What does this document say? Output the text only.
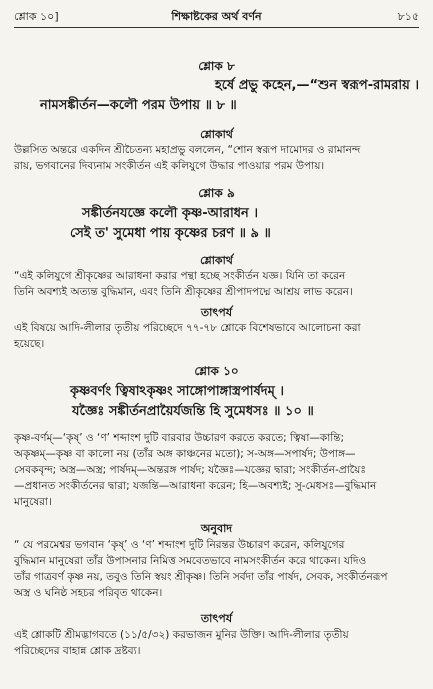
শ্লোক ১০]	শিক্ষাষ্টকের অর্থ বর্ণন	৮১৫
শ্লোক ৮
হর্ষে প্রভু কহেন,—“শুন স্বরূপ-রামরায় ।
নামসঙ্কীর্তন—কলৌ পরম উপায় ॥ ৮ ॥
শ্লোকার্থ
উল্লসিত অন্তরে একদিন শ্রীচৈতন্য মহাপ্রভু বললেন, “শোন স্বরূপ দামোদর ও রামানন্দ
রায়, ভগবানের দিব্যনাম সংকীর্তন এই কলিযুগে উদ্ধার পাওয়ার পরম উপায়।
শ্লোক ৯
সঙ্কীর্তনযজ্ঞে কলৌ কৃষ্ণ-আরাধন ।
সেই ত' সুমেধা পায় কৃষ্ণের চরণ ॥ ৯ ॥
শ্লোকার্থ
“এই কলিযুগে শ্রীকৃষ্ণের আরাধনা করার পন্থা হচ্ছে সংকীর্তন যজ্ঞ। যিনি তা করেন
তিনি অবশ্যই অত্যন্ত বুদ্ধিমান, এবং তিনি শ্রীকৃষ্ণের শ্রীপাদপদ্মে আশ্রয় লাভ করেন।
তাৎপর্য
এই বিষয়ে আদি-লীলার তৃতীয় পরিচ্ছেদে ৭৭-৭৮ শ্লোকে বিশেষভাবে আলোচনা করা
হয়েছে।
শ্লোক ১০
কৃষ্ণবর্ণং ত্বিষাঽকৃষ্ণং সাঙ্গোপাঙ্গাস্ত্রপার্ষদম্ ।
যজ্ঞৈঃ সঙ্কীর্তনপ্রায়ৈর্যজন্তি হি সুমেধসঃ ॥ ১০ ॥
কৃষ্ণ-বর্ণম্—‘কৃষ্’ ও ‘ণ’ শব্দাংশ দুটি বারবার উচ্চারণ করতে করতে; ত্বিষা—কান্তি;
অকৃষ্ণম্—কৃষ্ণ বা কালো নয় (তাঁর অঙ্গ কাঞ্চনের মতো); স-অঙ্গ—সপার্ষদ; উপাঙ্গ—
সেবকবৃন্দ; অস্ত্র—অস্ত্র; পার্ষদম্—অন্তরঙ্গ পার্ষদ; যজ্ঞৈঃ—যজ্ঞের দ্বারা; সংকীর্তন-প্রায়ৈঃ
—প্রধানত সংকীর্তনের দ্বারা; যজন্তি—আরাধনা করেন; হি—অবশ্যই; সু-মেধসঃ—বুদ্ধিমান
মানুষেরা।
অনুবাদ
“ যে পরমেশ্বর ভগবান ‘কৃষ্’ ও ‘ণ’ শব্দাংশ দুটি নিরন্তর উচ্চারণ করেন, কলিযুগের
বুদ্ধিমান মানুষেরা তাঁর উপাসনার নিমিত্ত সমবেতভাবে নামসংকীর্তন করে থাকেন। যদিও
তাঁর গাত্রবর্ণ কৃষ্ণ নয়, তবুও তিনি স্বয়ং শ্রীকৃষ্ণ। তিনি সর্বদা তাঁর পার্ষদ, সেবক, সংকীর্তনরূপ
অস্ত্র ও ঘনিষ্ঠ সহচর পরিবৃত থাকেন।
তাৎপর্য
এই শ্লোকটি শ্রীমদ্ভাগবতে (১১/৫/৩২) করভাজন মুনির উক্তি। আদি-লীলার তৃতীয়
পরিচ্ছেদের বাহান্ন শ্লোক দ্রষ্টব্য।
